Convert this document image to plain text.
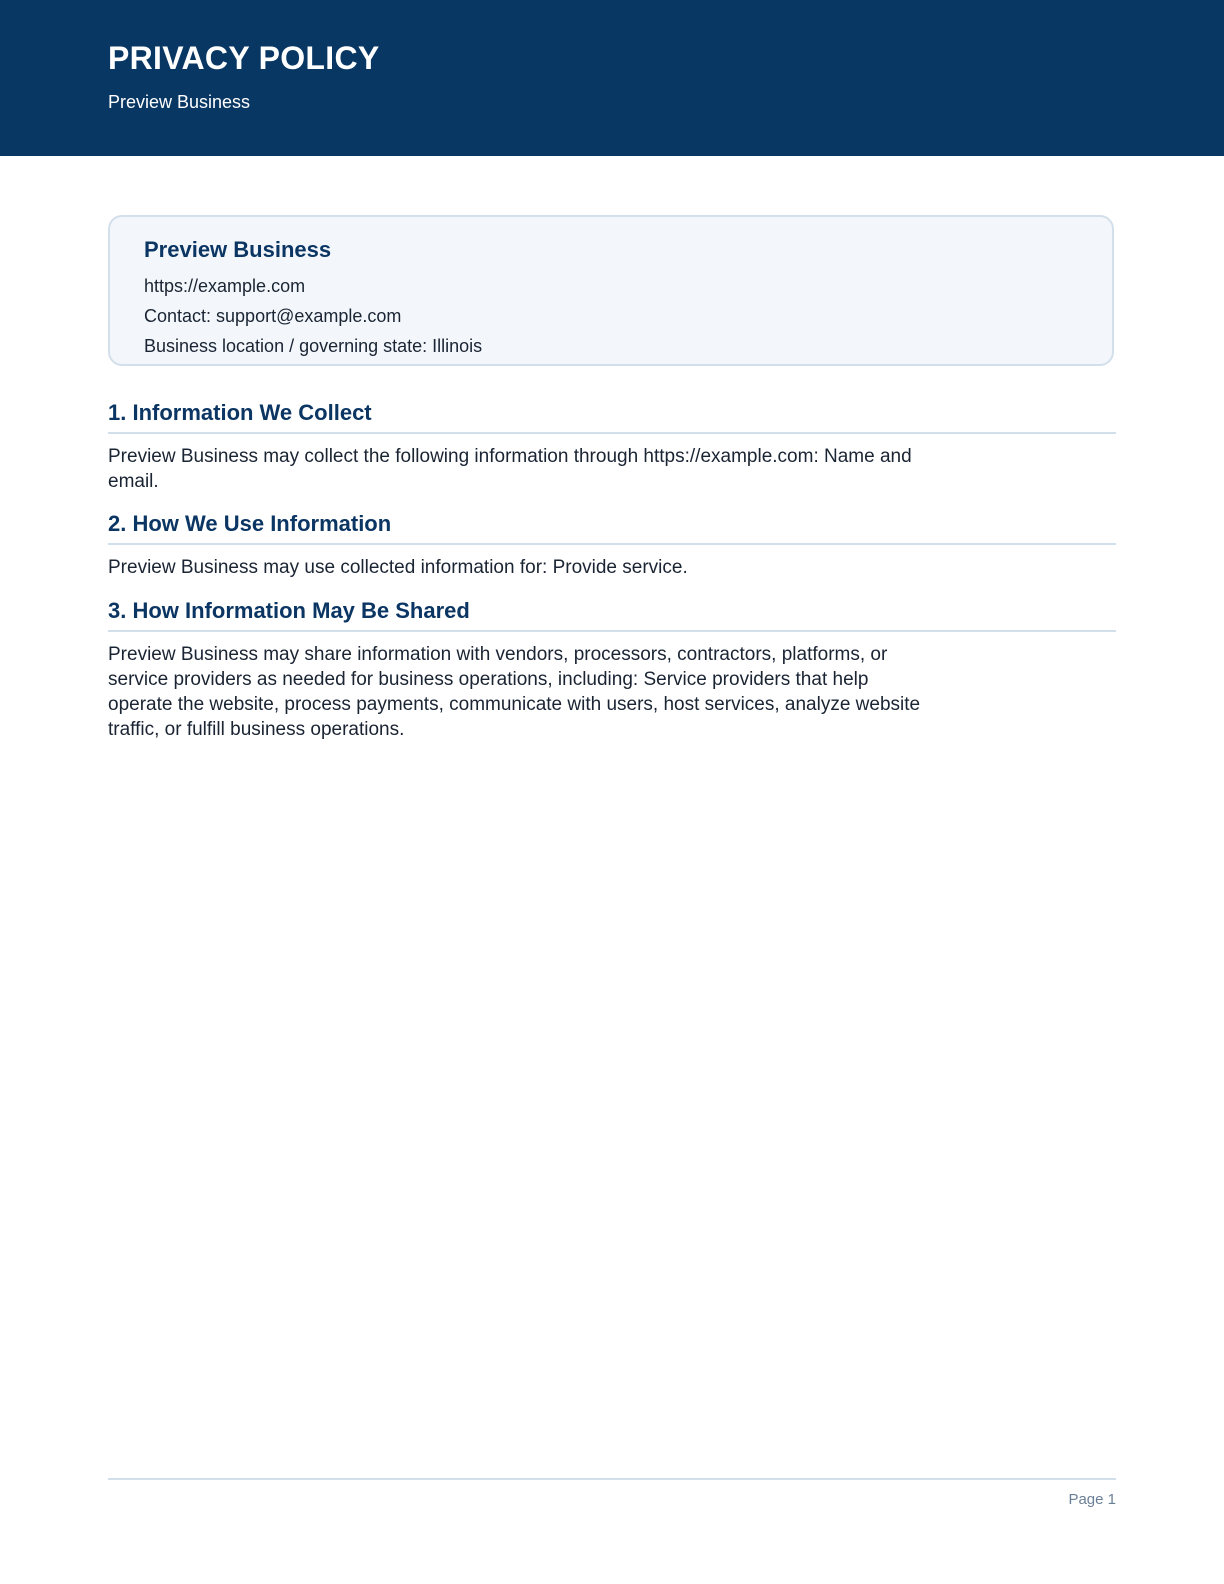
PRIVACY POLICY
Preview Business
Preview Business
https://example.com
Contact: support@example.com
Business location / governing state: Illinois
1. Information We Collect

Preview Business may collect the following information through https://example.com: Name and email.

2. How We Use Information

Preview Business may use collected information for: Provide service.

3. How Information May Be Shared

Preview Business may share information with vendors, processors, contractors, platforms, or service providers as needed for business operations, including: Service providers that help operate the website, process payments, communicate with users, host services, analyze website traffic, or fulfill business operations.

Page 1
